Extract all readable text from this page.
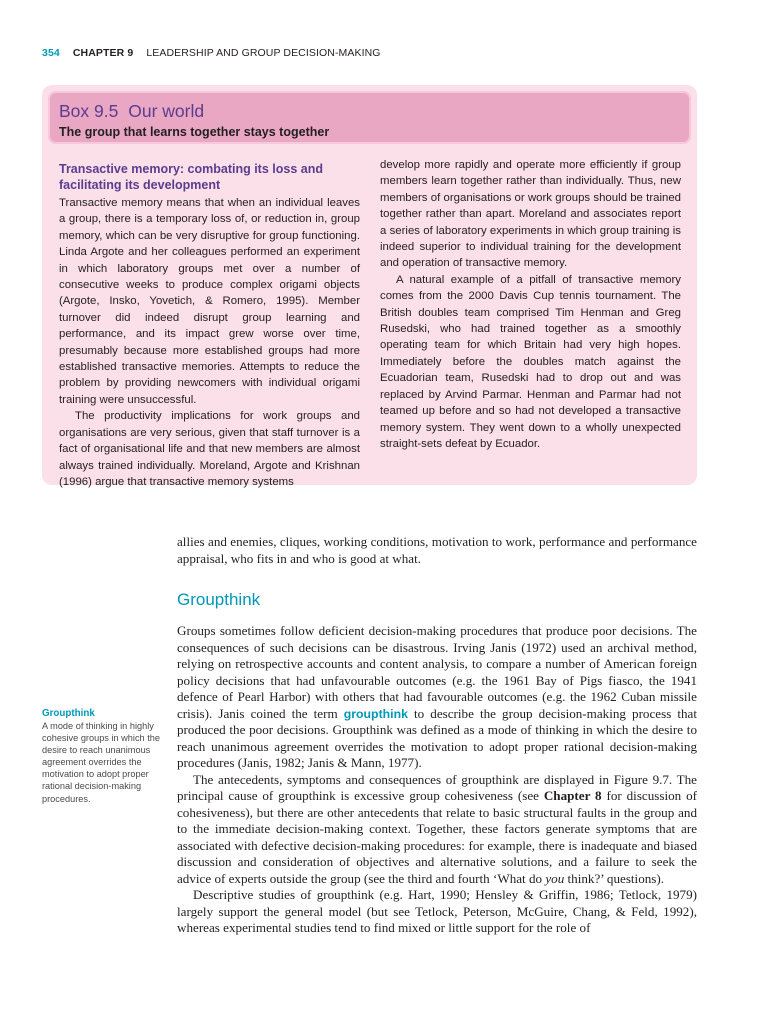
354 CHAPTER 9 LEADERSHIP AND GROUP DECISION-MAKING
Box 9.5 Our world
The group that learns together stays together
Transactive memory: combating its loss and facilitating its development

Transactive memory means that when an individual leaves a group, there is a temporary loss of, or reduction in, group memory, which can be very disruptive for group functioning. Linda Argote and her colleagues performed an experiment in which laboratory groups met over a number of consecutive weeks to produce complex origami objects (Argote, Insko, Yovetich, & Romero, 1995). Member turnover did indeed disrupt group learning and performance, and its impact grew worse over time, presumably because more established groups had more established transactive memories. Attempts to reduce the problem by providing newcomers with individual origami training were unsuccessful.

The productivity implications for work groups and organisations are very serious, given that staff turnover is a fact of organisational life and that new members are almost always trained individually. Moreland, Argote and Krishnan (1996) argue that transactive memory systems

develop more rapidly and operate more efficiently if group members learn together rather than individually. Thus, new members of organisations or work groups should be trained together rather than apart. Moreland and associates report a series of laboratory experiments in which group training is indeed superior to individual training for the development and operation of transactive memory.

A natural example of a pitfall of transactive memory comes from the 2000 Davis Cup tennis tournament. The British doubles team comprised Tim Henman and Greg Rusedski, who had trained together as a smoothly operating team for which Britain had very high hopes. Immediately before the doubles match against the Ecuadorian team, Rusedski had to drop out and was replaced by Arvind Parmar. Henman and Parmar had not teamed up before and so had not developed a transactive memory system. They went down to a wholly unexpected straight-sets defeat by Ecuador.

allies and enemies, cliques, working conditions, motivation to work, performance and performance appraisal, who fits in and who is good at what.

Groupthink

Groups sometimes follow deficient decision-making procedures that produce poor decisions. The consequences of such decisions can be disastrous. Irving Janis (1972) used an archival method, relying on retrospective accounts and content analysis, to compare a number of American foreign policy decisions that had unfavourable outcomes (e.g. the 1961 Bay of Pigs fiasco, the 1941 defence of Pearl Harbor) with others that had favourable outcomes (e.g. the 1962 Cuban missile crisis). Janis coined the term groupthink to describe the group decision-making process that produced the poor decisions. Groupthink was defined as a mode of thinking in which the desire to reach unanimous agreement overrides the motivation to adopt proper rational decision-making procedures (Janis, 1982; Janis & Mann, 1977).

The antecedents, symptoms and consequences of groupthink are displayed in Figure 9.7. The principal cause of groupthink is excessive group cohesiveness (see Chapter 8 for discussion of cohesiveness), but there are other antecedents that relate to basic structural faults in the group and to the immediate decision-making context. Together, these factors generate symptoms that are associated with defective decision-making procedures: for example, there is inadequate and biased discussion and consideration of objectives and alternative solutions, and a failure to seek the advice of experts outside the group (see the third and fourth ‘What do you think?’ questions).

Descriptive studies of groupthink (e.g. Hart, 1990; Hensley & Griffin, 1986; Tetlock, 1979) largely support the general model (but see Tetlock, Peterson, McGuire, Chang, & Feld, 1992), whereas experimental studies tend to find mixed or little support for the role of

Groupthink
A mode of thinking in highly cohesive groups in which the desire to reach unanimous agreement overrides the motivation to adopt proper rational decision-making procedures.
